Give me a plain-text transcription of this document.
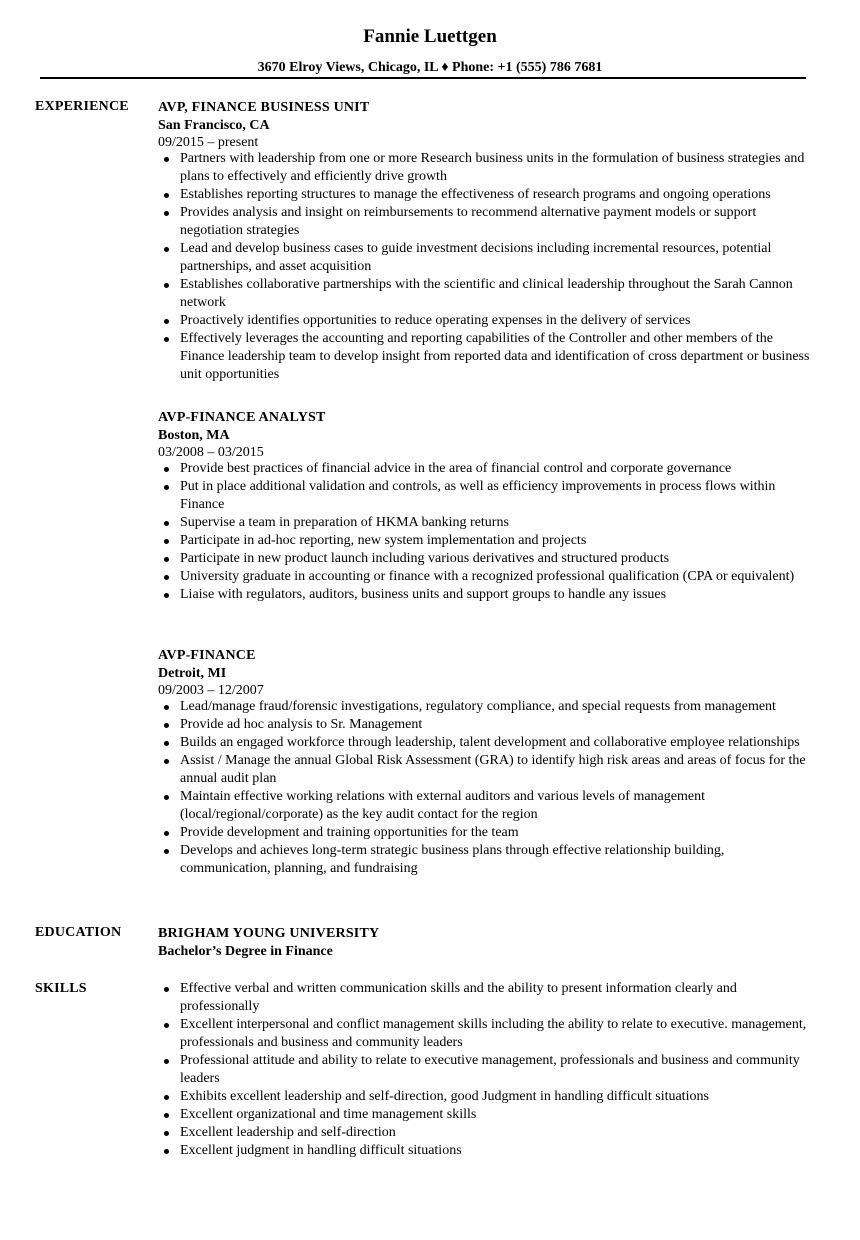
Fannie Luettgen
3670 Elroy Views, Chicago, IL ♦ Phone: +1 (555) 786 7681
EXPERIENCE AVP, FINANCE BUSINESS UNIT
San Francisco, CA
09/2015 – present
Partners with leadership from one or more Research business units in the formulation of business strategies and plans to effectively and efficiently drive growth
Establishes reporting structures to manage the effectiveness of research programs and ongoing operations
Provides analysis and insight on reimbursements to recommend alternative payment models or support negotiation strategies
Lead and develop business cases to guide investment decisions including incremental resources, potential partnerships, and asset acquisition
Establishes collaborative partnerships with the scientific and clinical leadership throughout the Sarah Cannon network
Proactively identifies opportunities to reduce operating expenses in the delivery of services
Effectively leverages the accounting and reporting capabilities of the Controller and other members of the Finance leadership team to develop insight from reported data and identification of cross department or business unit opportunities
AVP-FINANCE ANALYST
Boston, MA
03/2008 – 03/2015
Provide best practices of financial advice in the area of financial control and corporate governance
Put in place additional validation and controls, as well as efficiency improvements in process flows within Finance
Supervise a team in preparation of HKMA banking returns
Participate in ad-hoc reporting, new system implementation and projects
Participate in new product launch including various derivatives and structured products
University graduate in accounting or finance with a recognized professional qualification (CPA or equivalent)
Liaise with regulators, auditors, business units and support groups to handle any issues
AVP-FINANCE
Detroit, MI
09/2003 – 12/2007
Lead/manage fraud/forensic investigations, regulatory compliance, and special requests from management
Provide ad hoc analysis to Sr. Management
Builds an engaged workforce through leadership, talent development and collaborative employee relationships
Assist / Manage the annual Global Risk Assessment (GRA) to identify high risk areas and areas of focus for the annual audit plan
Maintain effective working relations with external auditors and various levels of management (local/regional/corporate) as the key audit contact for the region
Provide development and training opportunities for the team
Develops and achieves long-term strategic business plans through effective relationship building, communication, planning, and fundraising
EDUCATION	BRIGHAM YOUNG UNIVERSITY
Bachelor’s Degree in Finance
SKILLS	Effective verbal and written communication skills and the ability to present information clearly and professionally
Excellent interpersonal and conflict management skills including the ability to relate to executive. management, professionals and business and community leaders
Professional attitude and ability to relate to executive management, professionals and business and community leaders
Exhibits excellent leadership and self-direction, good Judgment in handling difficult situations
Excellent organizational and time management skills
Excellent leadership and self-direction
Excellent judgment in handling difficult situations
